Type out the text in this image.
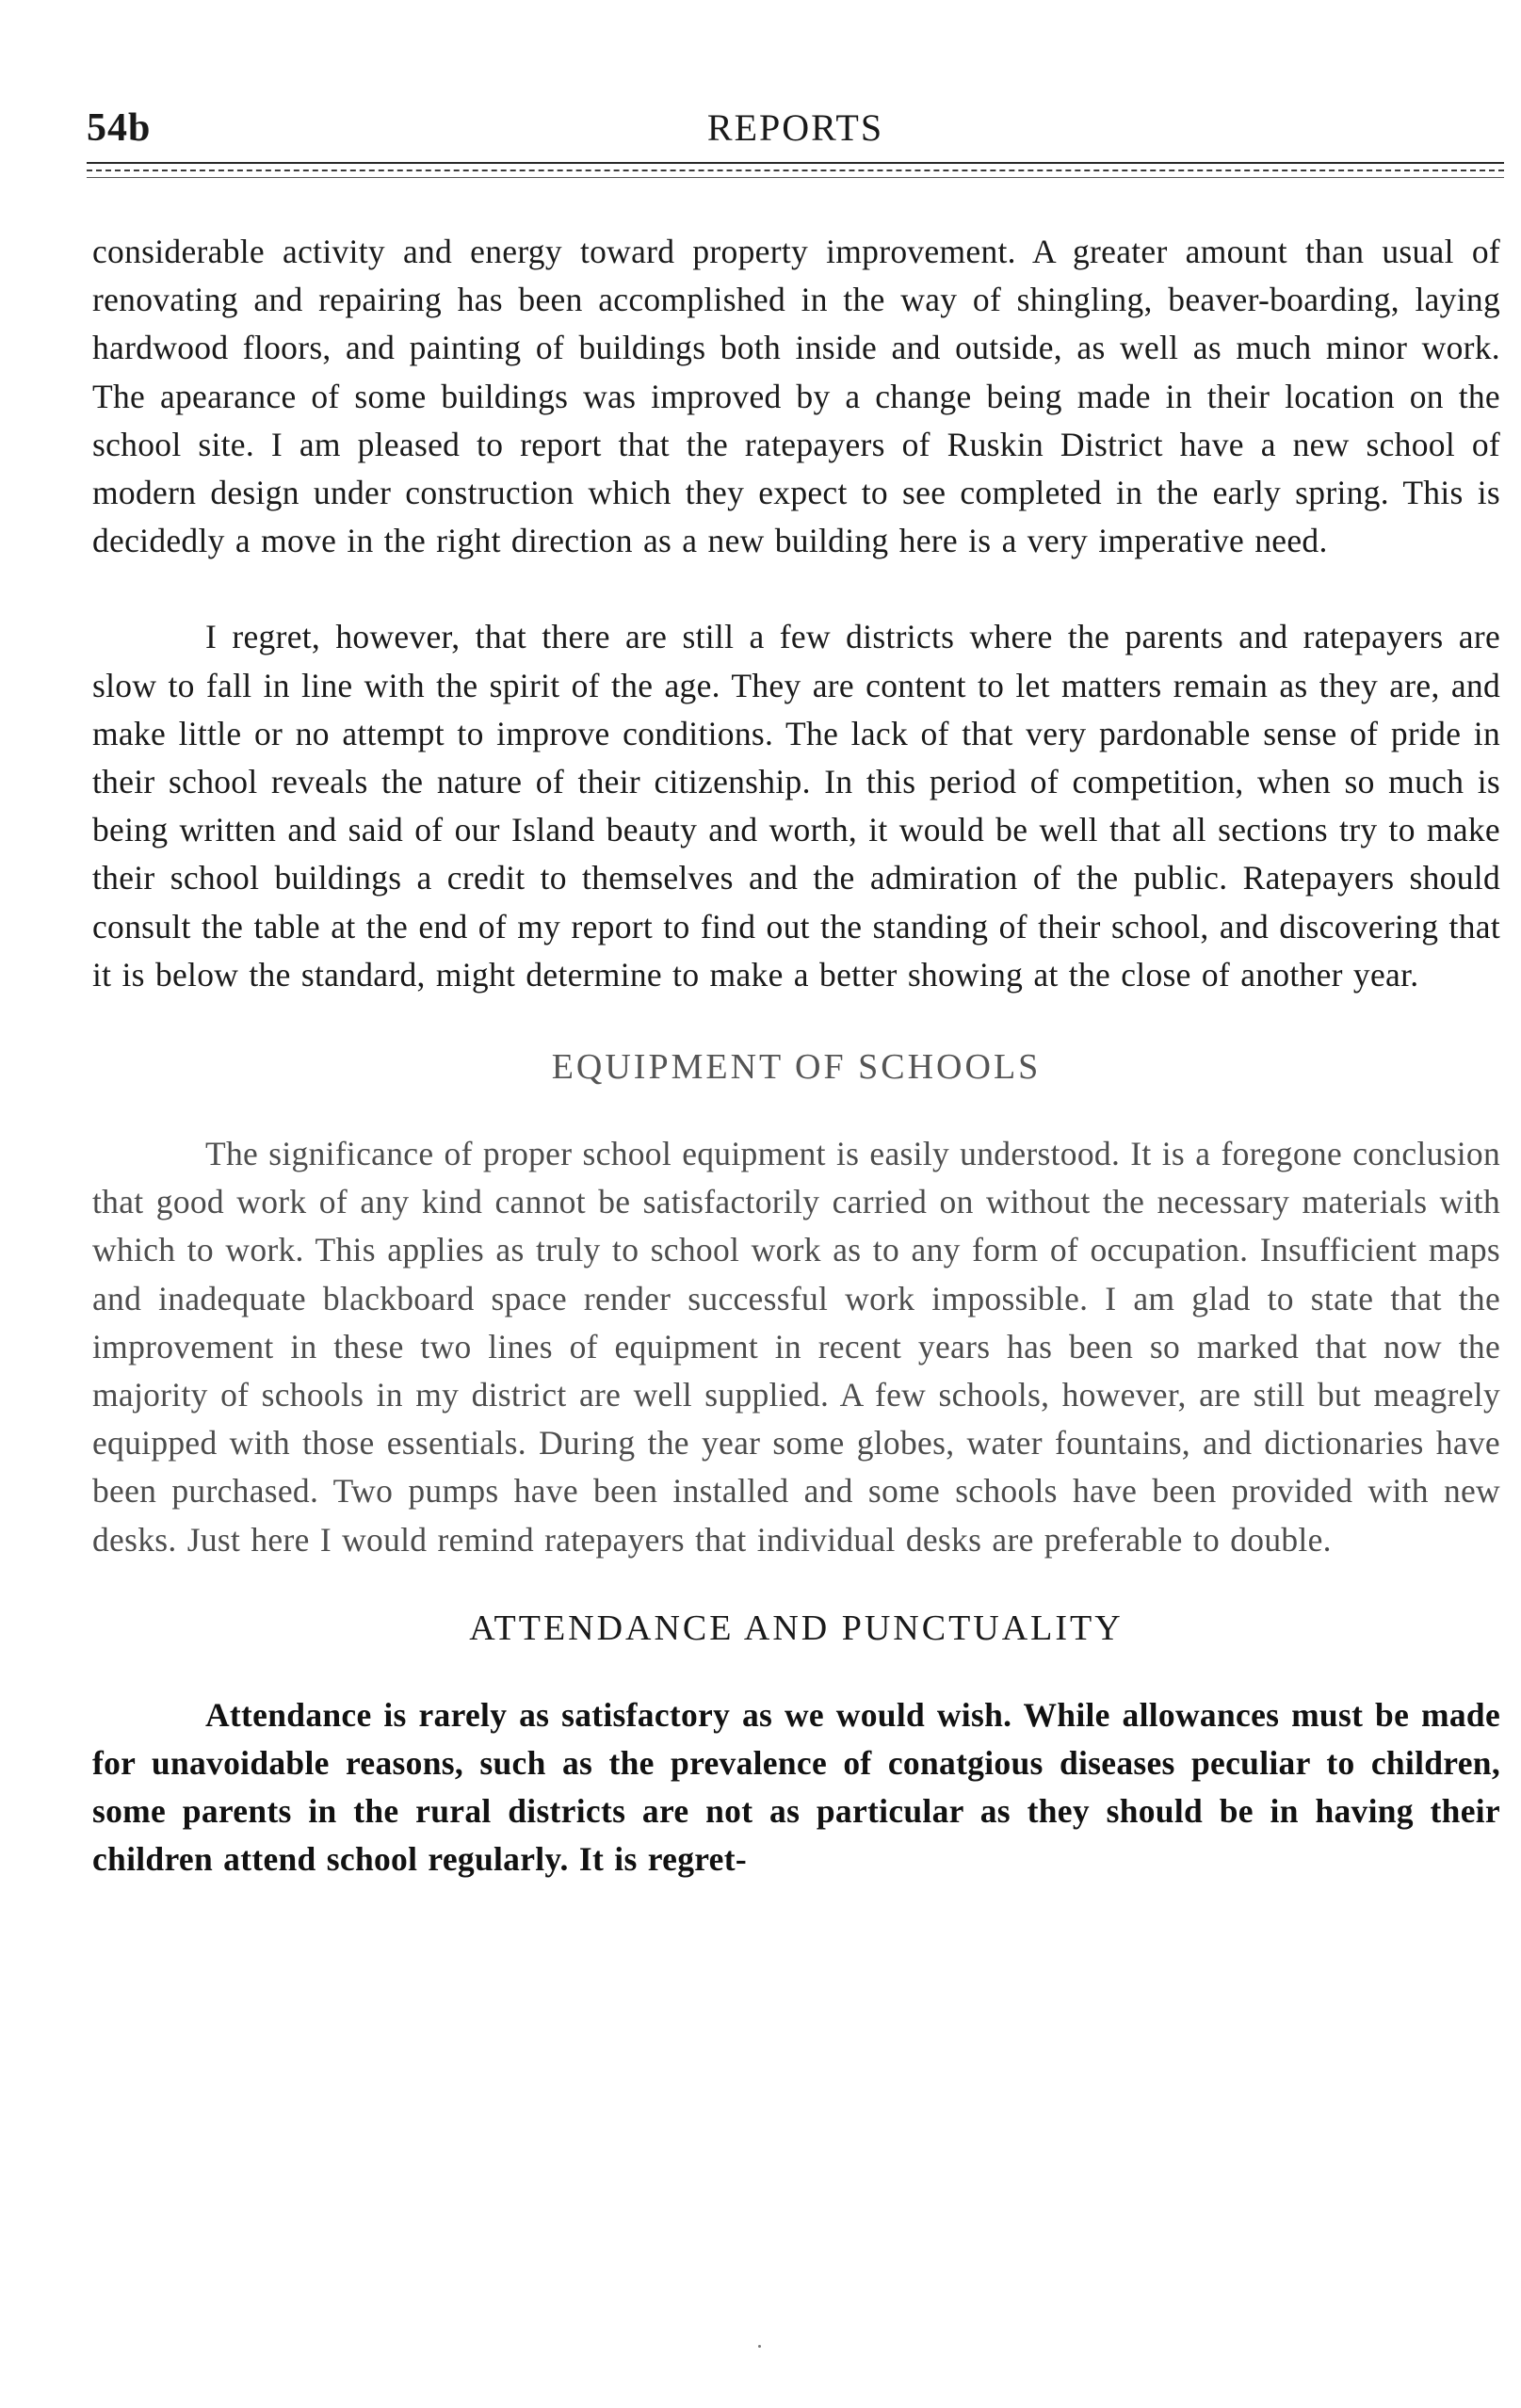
54b	REPORTS

considerable activity and energy toward property improvement. A greater amount than usual of renovating and repairing has been accomplished in the way of shingling, beaver-boarding, laying hardwood floors, and painting of buildings both inside and outside, as well as much minor work. The apearance of some buildings was improved by a change being made in their location on the school site. I am pleased to report that the ratepayers of Ruskin District have a new school of modern design under construction which they expect to see completed in the early spring. This is decidedly a move in the right direction as a new building here is a very imperative need.

I regret, however, that there are still a few districts where the parents and ratepayers are slow to fall in line with the spirit of the age. They are content to let matters remain as they are, and make little or no attempt to improve conditions. The lack of that very pardonable sense of pride in their school reveals the nature of their citizenship. In this period of competition, when so much is being written and said of our Island beauty and worth, it would be well that all sections try to make their school buildings a credit to themselves and the admiration of the public. Ratepayers should consult the table at the end of my report to find out the standing of their school, and discovering that it is below the standard, might determine to make a better showing at the close of another year.

EQUIPMENT OF SCHOOLS

The significance of proper school equipment is easily understood. It is a foregone conclusion that good work of any kind cannot be satisfactorily carried on without the necessary materials with which to work. This applies as truly to school work as to any form of occupation. Insufficient maps and inadequate blackboard space render successful work impossible. I am glad to state that the improvement in these two lines of equipment in recent years has been so marked that now the majority of schools in my district are well supplied. A few schools, however, are still but meagrely equipped with those essentials. During the year some globes, water fountains, and dictionaries have been purchased. Two pumps have been installed and some schools have been provided with new desks. Just here I would remind ratepayers that individual desks are preferable to double.

ATTENDANCE AND PUNCTUALITY

Attendance is rarely as satisfactory as we would wish. While allowances must be made for unavoidable reasons, such as the prevalence of conatgious diseases peculiar to children, some parents in the rural districts are not as particular as they should be in having their children attend school regularly. It is regret-
